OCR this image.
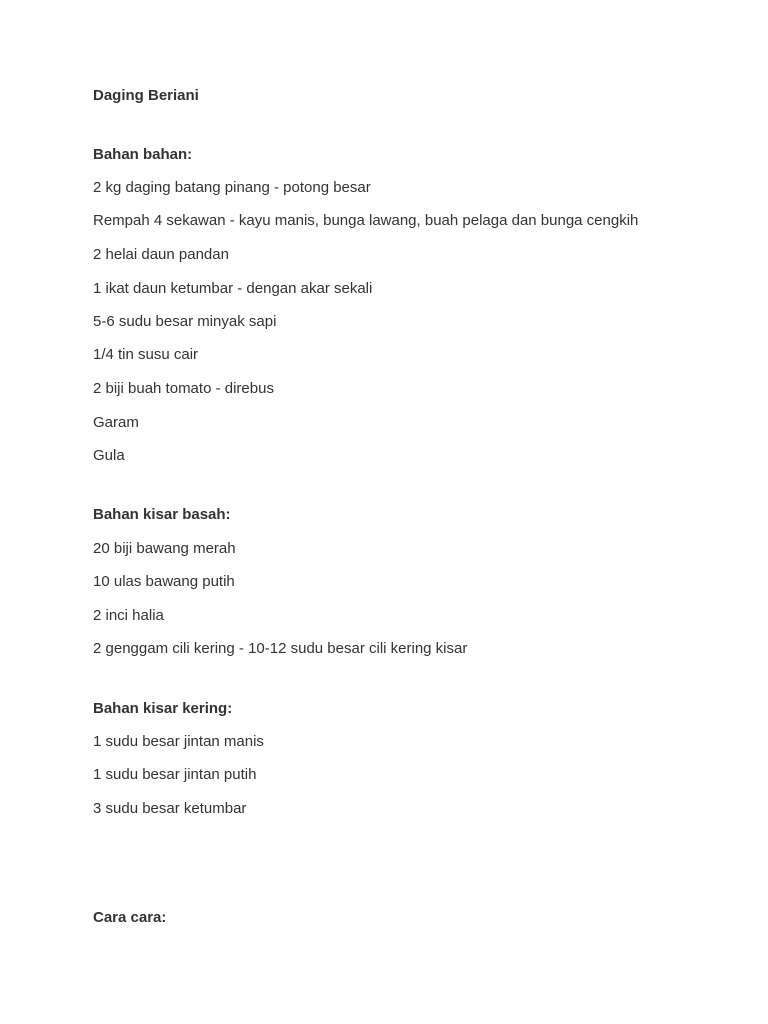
Daging Beriani
Bahan bahan:
2 kg daging batang pinang - potong besar
Rempah 4 sekawan - kayu manis, bunga lawang, buah pelaga dan bunga cengkih
2 helai daun pandan
1 ikat daun ketumbar - dengan akar sekali
5-6 sudu besar minyak sapi
1/4 tin susu cair
2 biji buah tomato - direbus
Garam
Gula
Bahan kisar basah:
20 biji bawang merah
10 ulas bawang putih
2 inci halia
2 genggam cili kering - 10-12 sudu besar cili kering kisar
Bahan kisar kering:
1 sudu besar jintan manis
1 sudu besar jintan putih
3 sudu besar ketumbar
Cara cara:
